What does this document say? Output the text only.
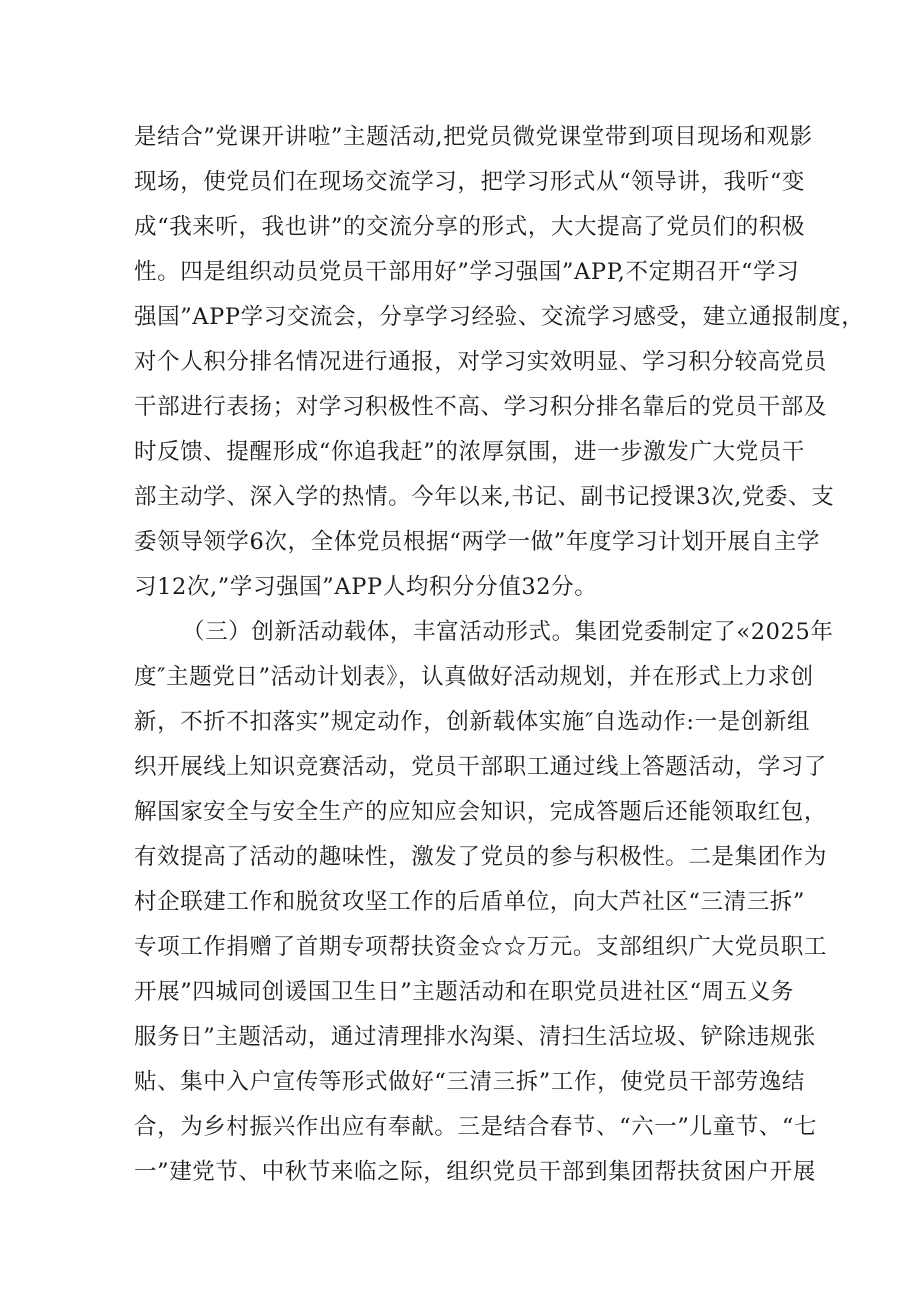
是结合”党课开讲啦”主题活动,把党员微党课堂带到项目现场和观影
现场，使党员们在现场交流学习，把学习形式从“领导讲，我听“变
成“我来听，我也讲”的交流分享的形式，大大提高了党员们的积极
性。四是组织动员党员干部用好”学习强国”APP,不定期召开“学习
强国”APP学习交流会，分享学习经验、交流学习感受，建立通报制度，
对个人积分排名情况进行通报，对学习实效明显、学习积分较高党员
干部进行表扬；对学习积极性不高、学习积分排名靠后的党员干部及
时反馈、提醒形成“你追我赶”的浓厚氛围，进一步激发广大党员干
部主动学、深入学的热情。今年以来,书记、副书记授课3次,党委、支
委领导领学6次，全体党员根据“两学一做”年度学习计划开展自主学
习12次,”学习强国”APP人均积分分值32分。
（三）创新活动载体，丰富活动形式。集团党委制定了«2025年
度″主题党日”活动计划表》，认真做好活动规划，并在形式上力求创
新，不折不扣落实”规定动作，创新载体实施″自选动作:一是创新组
织开展线上知识竞赛活动，党员干部职工通过线上答题活动，学习了
解国家安全与安全生产的应知应会知识，完成答题后还能领取红包，
有效提高了活动的趣味性，激发了党员的参与积极性。二是集团作为
村企联建工作和脱贫攻坚工作的后盾单位，向大芦社区“三清三拆”
专项工作捐赠了首期专项帮扶资金☆☆万元。支部组织广大党员职工
开展”四城同创谖国卫生日”主题活动和在职党员进社区“周五义务
服务日”主题活动，通过清理排水沟渠、清扫生活垃圾、铲除违规张
贴、集中入户宣传等形式做好“三清三拆”工作，使党员干部劳逸结
合，为乡村振兴作出应有奉献。三是结合春节、“六一”儿童节、“七
一”建党节、中秋节来临之际，组织党员干部到集团帮扶贫困户开展
